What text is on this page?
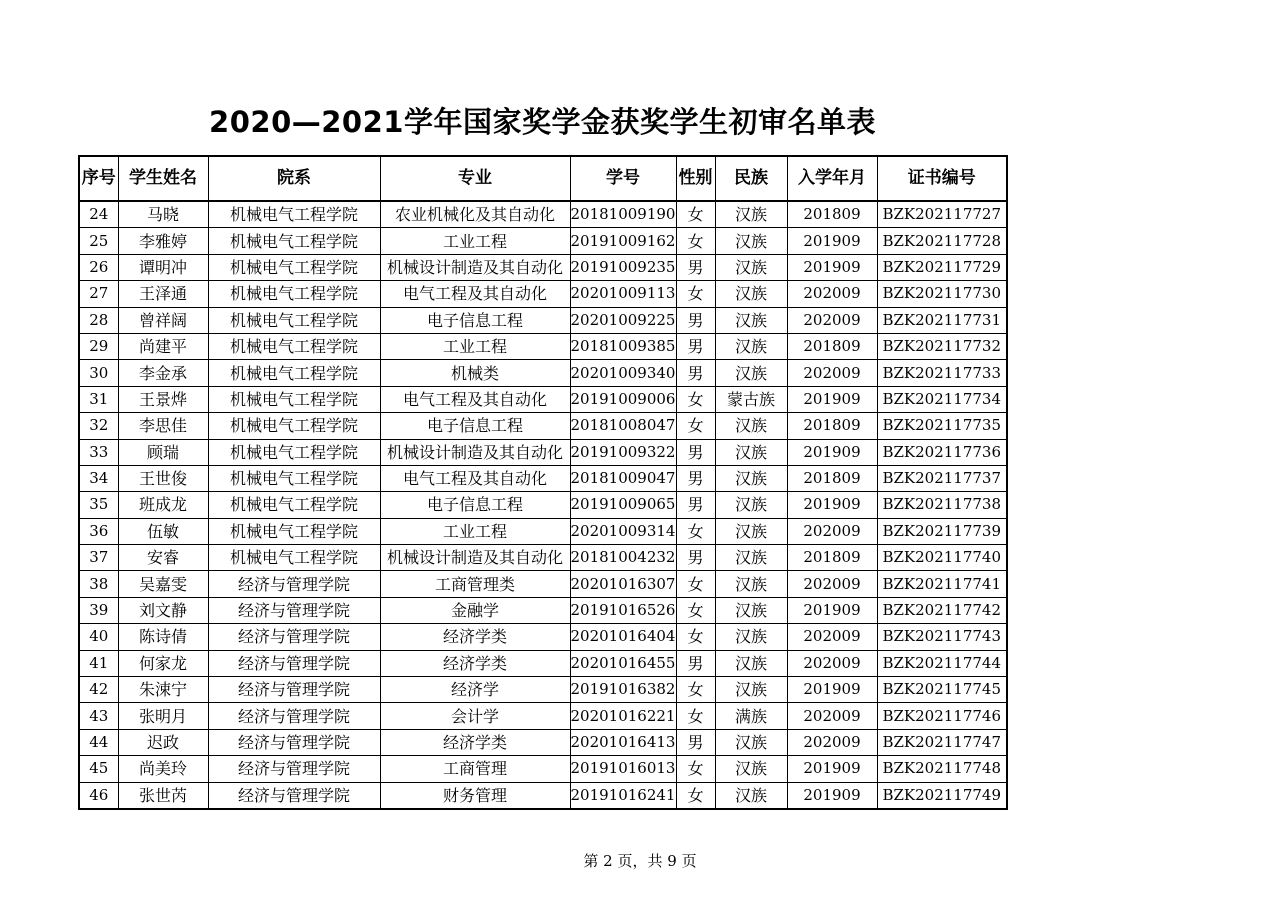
2020—2021学年国家奖学金获奖学生初审名单表
序号	学生姓名	院系	专业	学号	性别	民族	入学年月	证书编号
24	马晓	机械电气工程学院	农业机械化及其自动化	20181009190	女	汉族	201809	BZK202117727
25	李雅婷	机械电气工程学院	工业工程	20191009162	女	汉族	201909	BZK202117728
26	谭明冲	机械电气工程学院	机械设计制造及其自动化	20191009235	男	汉族	201909	BZK202117729
27	王泽通	机械电气工程学院	电气工程及其自动化	20201009113	女	汉族	202009	BZK202117730
28	曾祥阔	机械电气工程学院	电子信息工程	20201009225	男	汉族	202009	BZK202117731
29	尚建平	机械电气工程学院	工业工程	20181009385	男	汉族	201809	BZK202117732
30	李金承	机械电气工程学院	机械类	20201009340	男	汉族	202009	BZK202117733
31	王景烨	机械电气工程学院	电气工程及其自动化	20191009006	女	蒙古族	201909	BZK202117734
32	李思佳	机械电气工程学院	电子信息工程	20181008047	女	汉族	201809	BZK202117735
33	顾瑞	机械电气工程学院	机械设计制造及其自动化	20191009322	男	汉族	201909	BZK202117736
34	王世俊	机械电气工程学院	电气工程及其自动化	20181009047	男	汉族	201809	BZK202117737
35	班成龙	机械电气工程学院	电子信息工程	20191009065	男	汉族	201909	BZK202117738
36	伍敏	机械电气工程学院	工业工程	20201009314	女	汉族	202009	BZK202117739
37	安睿	机械电气工程学院	机械设计制造及其自动化	20181004232	男	汉族	201809	BZK202117740
38	吴嘉雯	经济与管理学院	工商管理类	20201016307	女	汉族	202009	BZK202117741
39	刘文静	经济与管理学院	金融学	20191016526	女	汉族	201909	BZK202117742
40	陈诗倩	经济与管理学院	经济学类	20201016404	女	汉族	202009	BZK202117743
41	何家龙	经济与管理学院	经济学类	20201016455	男	汉族	202009	BZK202117744
42	朱涑宁	经济与管理学院	经济学	20191016382	女	汉族	201909	BZK202117745
43	张明月	经济与管理学院	会计学	20201016221	女	满族	202009	BZK202117746
44	迟政	经济与管理学院	经济学类	20201016413	男	汉族	202009	BZK202117747
45	尚美玲	经济与管理学院	工商管理	20191016013	女	汉族	201909	BZK202117748
46	张世芮	经济与管理学院	财务管理	20191016241	女	汉族	201909	BZK202117749
第 2 页，共 9 页
